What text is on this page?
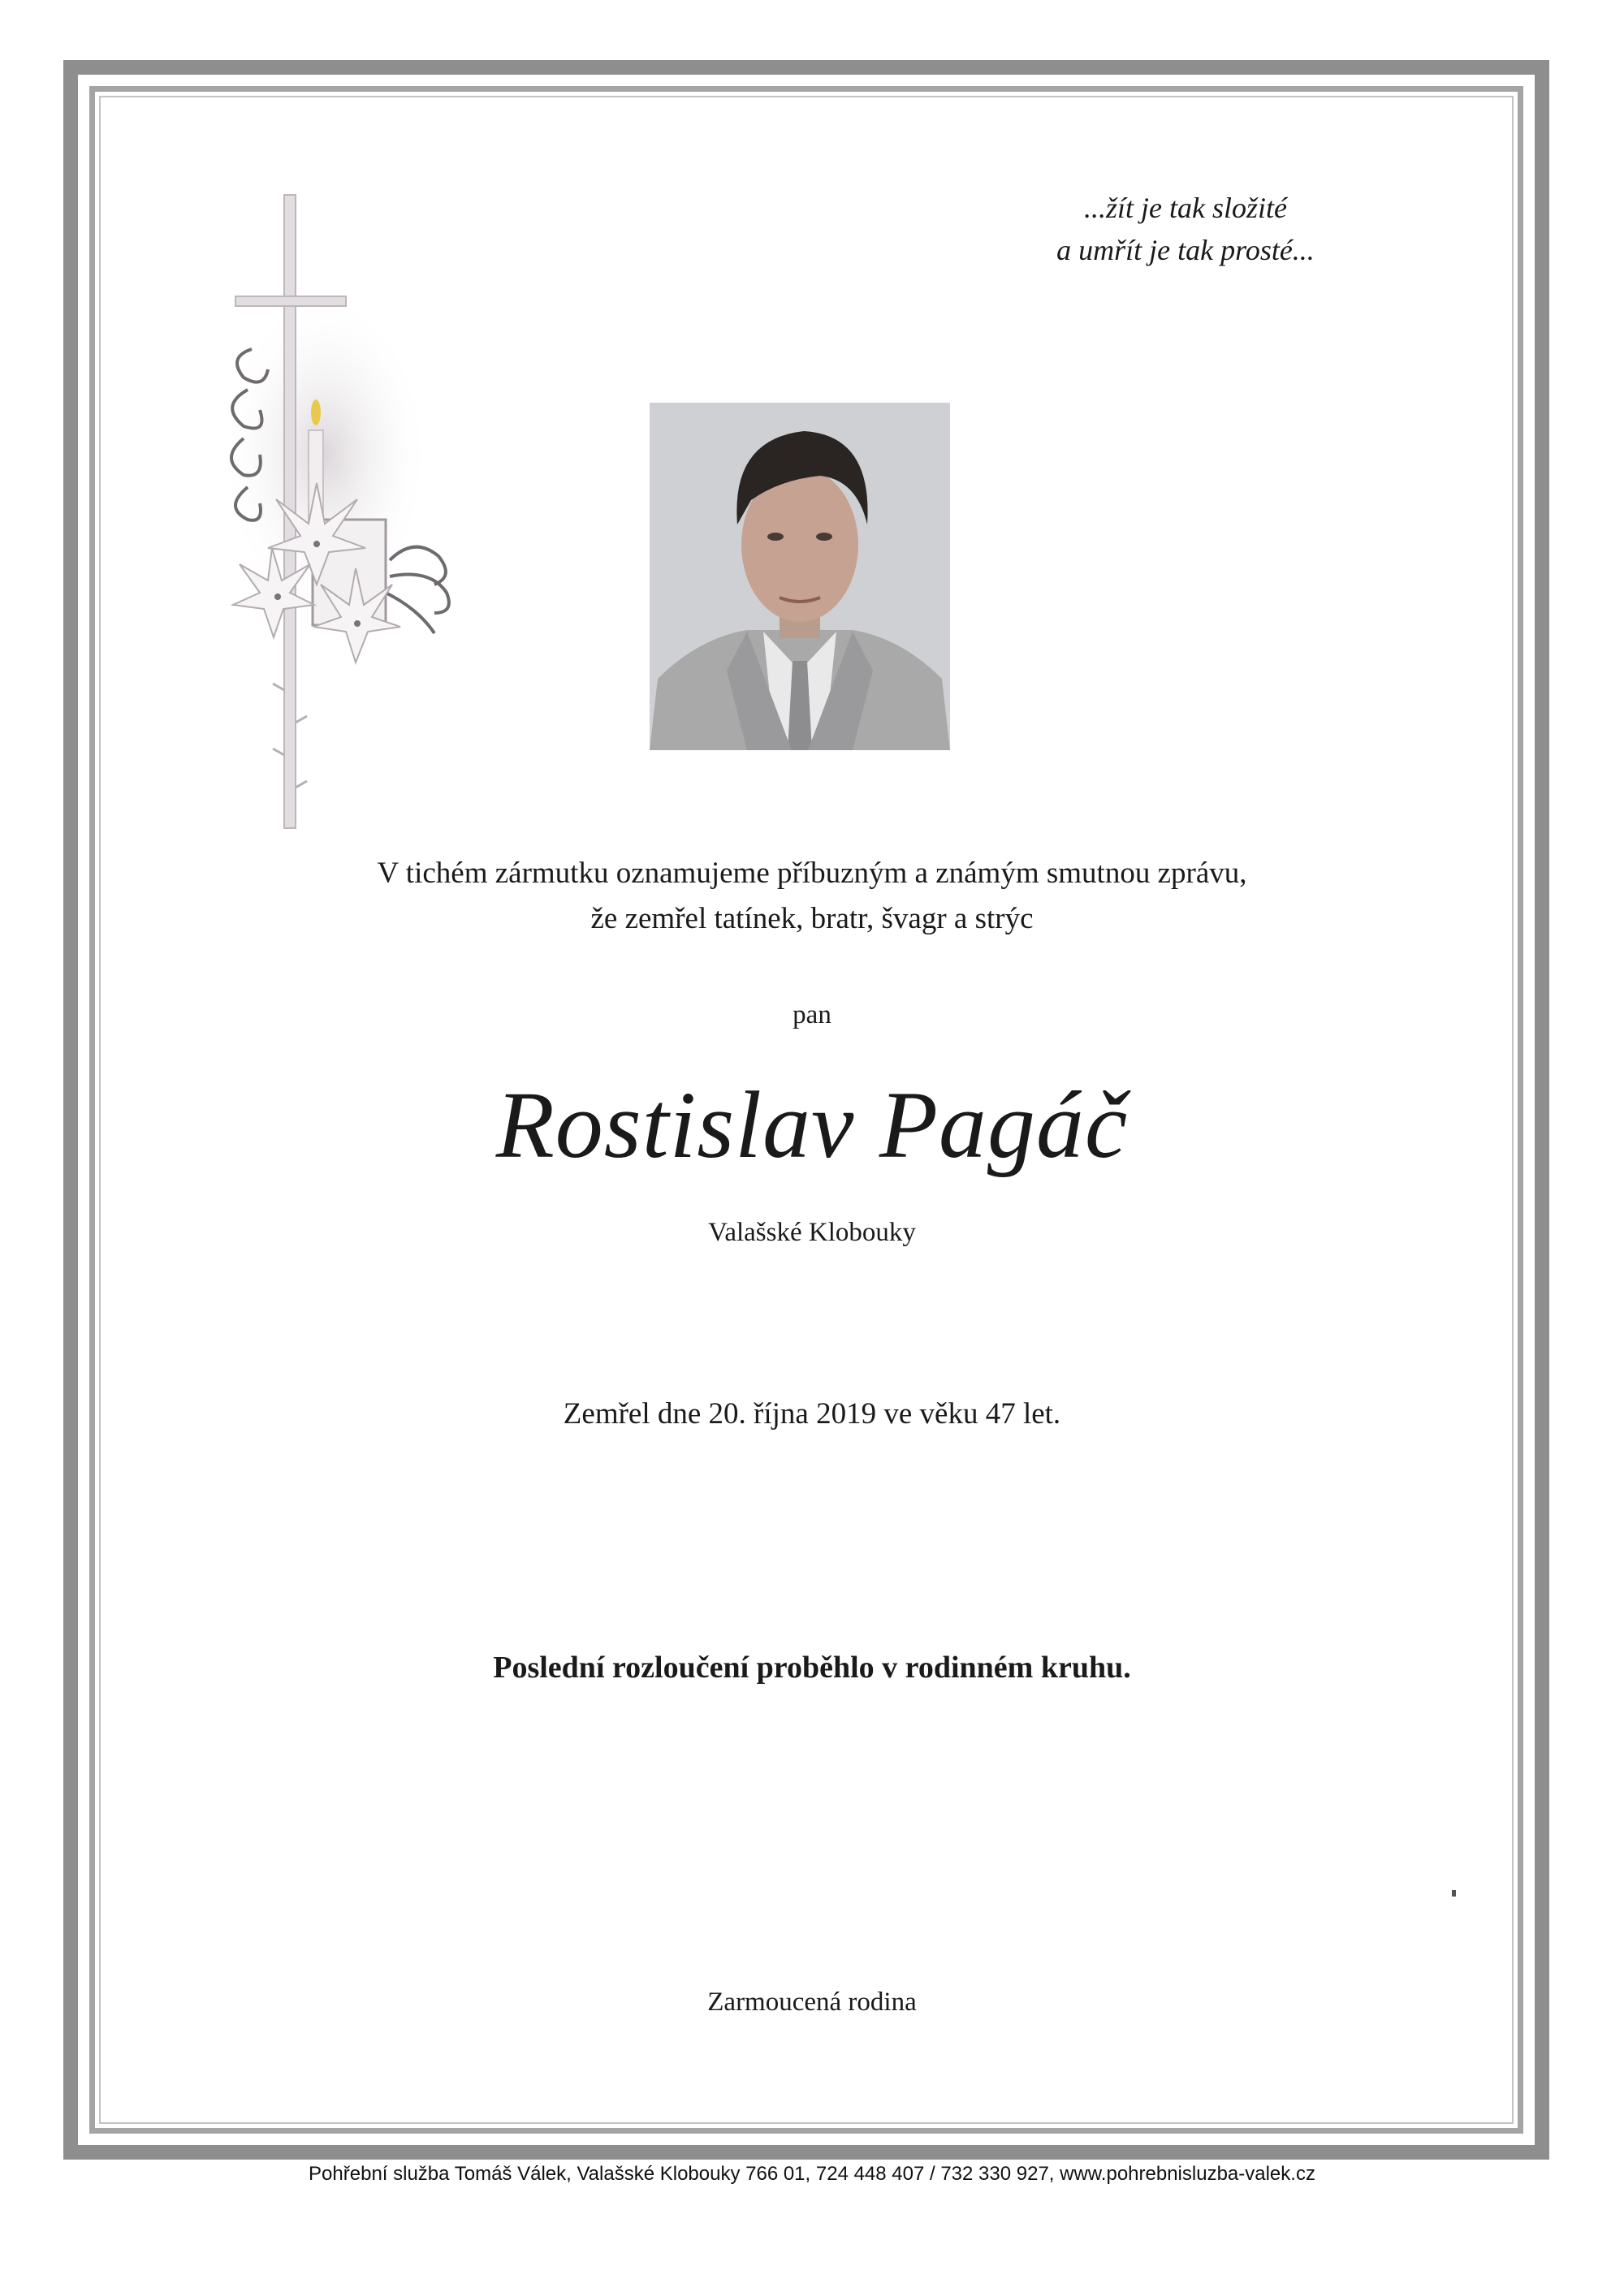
...žít je tak složité
a umřít je tak prosté...
V tichém zármutku oznamujeme příbuzným a známým smutnou zprávu,
že zemřel tatínek, bratr, švagr a strýc
pan
Rostislav Pagáč
Valašské Klobouky
Zemřel dne 20. října 2019 ve věku 47 let.
Poslední rozloučení proběhlo v rodinném kruhu.
Zarmoucená rodina
Pohřební služba Tomáš Válek, Valašské Klobouky 766 01, 724 448 407 / 732 330 927, www.pohrebnisluzba-valek.cz
